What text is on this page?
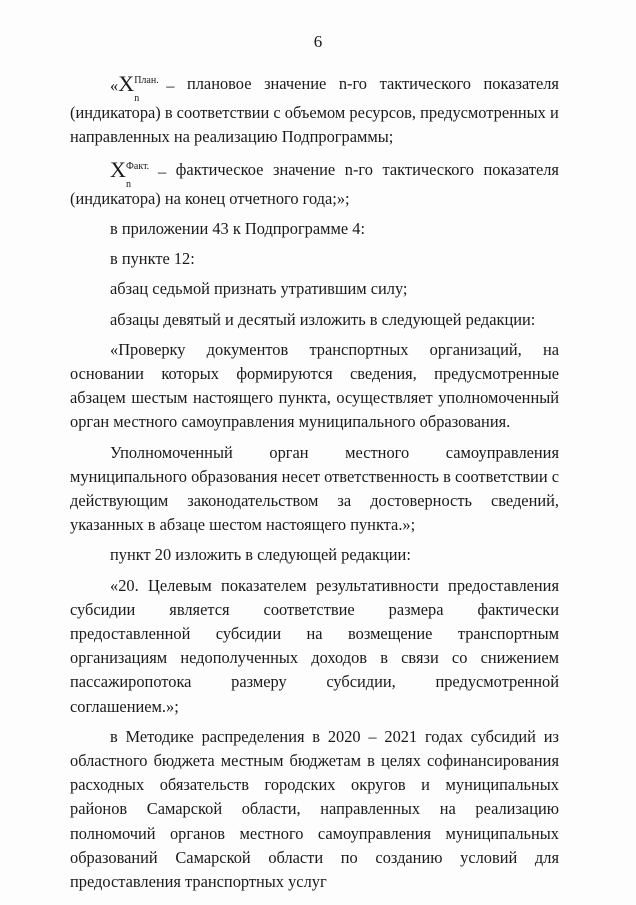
6
« X План.
n
– плановое значение n-го тактического показателя

(индикатора) в соответствии с объемом ресурсов, предусмотренных и

направленных на реализацию Подпрограммы;

X Факт.
n
– фактическое значение n-го тактического показателя

(индикатора) на конец отчетного года;»;

в приложении 43 к Подпрограмме 4:

в пункте 12:

абзац седьмой признать утратившим силу;

абзацы девятый и десятый изложить в следующей редакции:

«Проверку документов транспортных организаций, на основании которых формируются сведения, предусмотренные абзацем шестым настоящего пункта, осуществляет уполномоченный орган местного самоуправления муниципального образования.

Уполномоченный орган местного самоуправления муниципального образования несет ответственность в соответствии с действующим законодательством за достоверность сведений, указанных в абзаце шестом настоящего пункта.»;

пункт 20 изложить в следующей редакции:

«20. Целевым показателем результативности предоставления субсидии является соответствие размера фактически предоставленной субсидии на возмещение транспортным организациям недополученных доходов в связи со снижением пассажиропотока размеру субсидии, предусмотренной соглашением.»;

в Методике распределения в 2020 – 2021 годах субсидий из областного бюджета местным бюджетам в целях софинансирования расходных обязательств городских округов и муниципальных районов Самарской области, направленных на реализацию полномочий органов местного самоуправления муниципальных образований Самарской области по созданию условий для предоставления транспортных услуг
